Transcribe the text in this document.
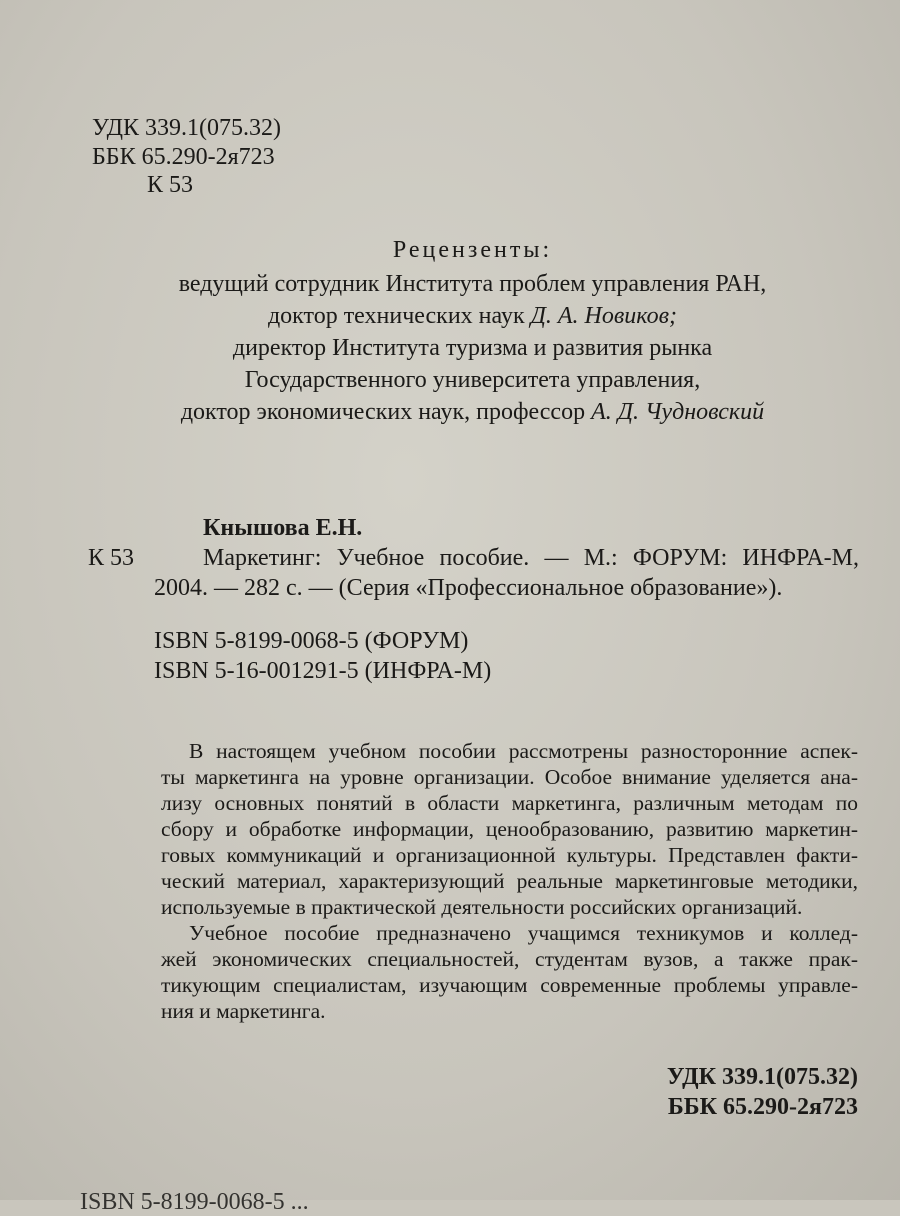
УДК 339.1(075.32)
ББК 65.290-2я723
К 53
Рецензенты:
ведущий сотрудник Института проблем управления РАН,
доктор технических наук Д. А. Новиков;
директор Института туризма и развития рынка
Государственного университета управления,
доктор экономических наук, профессор А. Д. Чудновский
Кнышова Е.Н.
К 53	Маркетинг: Учебное пособие. — М.: ФОРУМ: ИНФРА-М,
2004. — 282 с. — (Серия «Профессиональное образование»).
ISBN 5-8199-0068-5 (ФОРУМ)
ISBN 5-16-001291-5 (ИНФРА-М)

В настоящем учебном пособии рассмотрены разносторонние аспек-

ты маркетинга на уровне организации. Особое внимание уделяется ана-

лизу основных понятий в области маркетинга, различным методам по

сбору и обработке информации, ценообразованию, развитию маркетин-

говых коммуникаций и организационной культуры. Представлен факти-

ческий материал, характеризующий реальные маркетинговые методики,

используемые в практической деятельности российских организаций.

Учебное пособие предназначено учащимся техникумов и коллед-

жей экономических специальностей, студентам вузов, а также прак-

тикующим специалистам, изучающим современные проблемы управле-

ния и маркетинга.

УДК 339.1(075.32)
ББК 65.290-2я723
ISBN 5-8199-0068-5 ...
